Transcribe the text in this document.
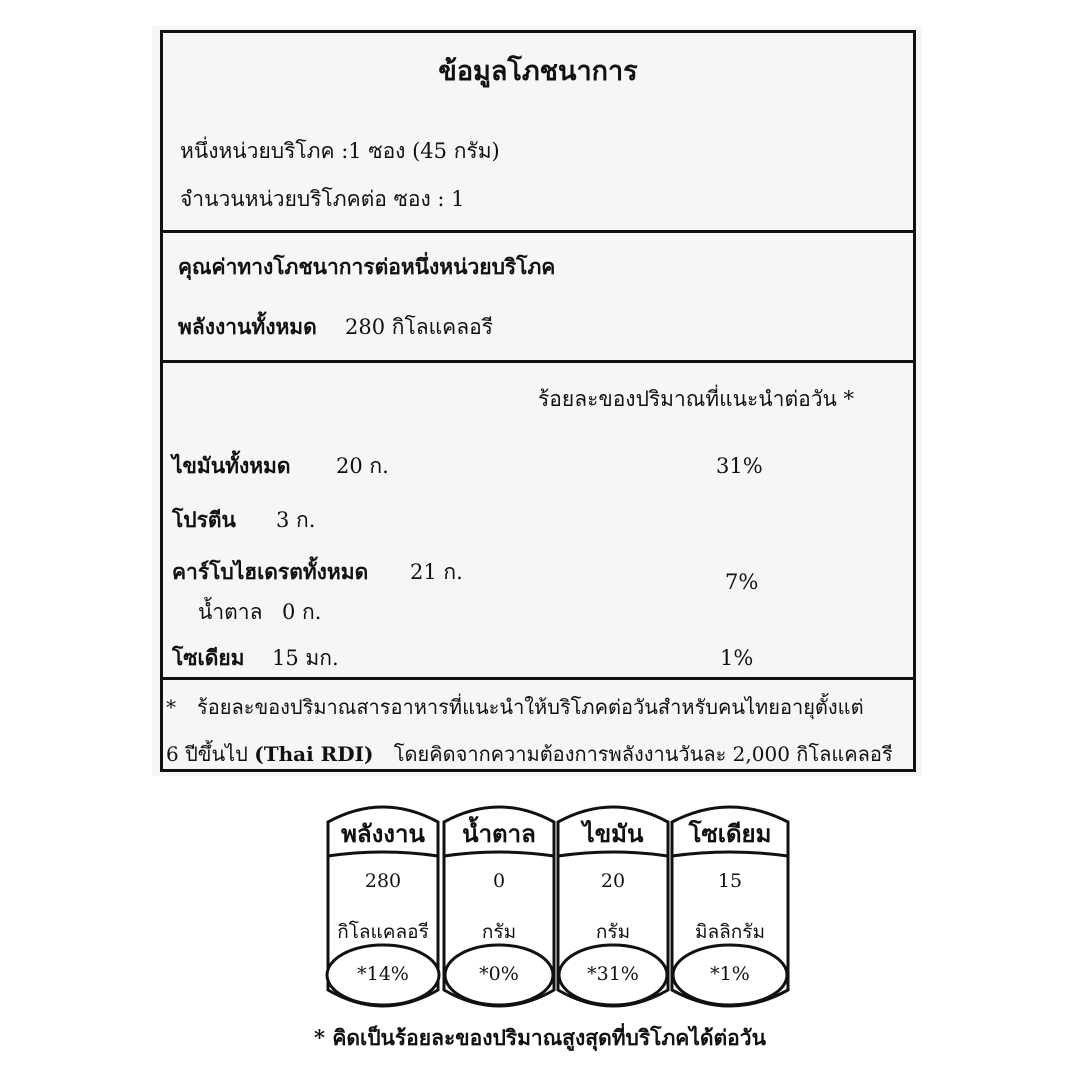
ข้อมูลโภชนาการ
หนึ่งหน่วยบริโภค :1 ซอง (45 กรัม)
จำนวนหน่วยบริโภคต่อ ซอง : 1
คุณค่าทางโภชนาการต่อหนึ่งหน่วยบริโภค
พลังงานทั้งหมด 280 กิโลแคลอรี
ร้อยละของปริมาณที่แนะนำต่อวัน *
ไขมันทั้งหมด 20 ก.	31%
โปรตีน 3 ก.
คาร์โบไฮเดรตทั้งหมด 21 ก.	7%
น้ำตาล 0 ก.
โซเดียม 15 มก.	1%
* ร้อยละของปริมาณสารอาหารที่แนะนำให้บริโภคต่อวันสำหรับคนไทยอายุตั้งแต่
6 ปีขึ้นไป (Thai RDI) โดยคิดจากความต้องการพลังงานวันละ 2,000 กิโลแคลอรี
พลังงาน
280
กิโลแคลอรี
*14%
น้ำตาล
0
กรัม
*0%
ไขมัน
20
กรัม
*31%
โซเดียม
15
มิลลิกรัม
*1%
* คิดเป็นร้อยละของปริมาณสูงสุดที่บริโภคได้ต่อวัน
